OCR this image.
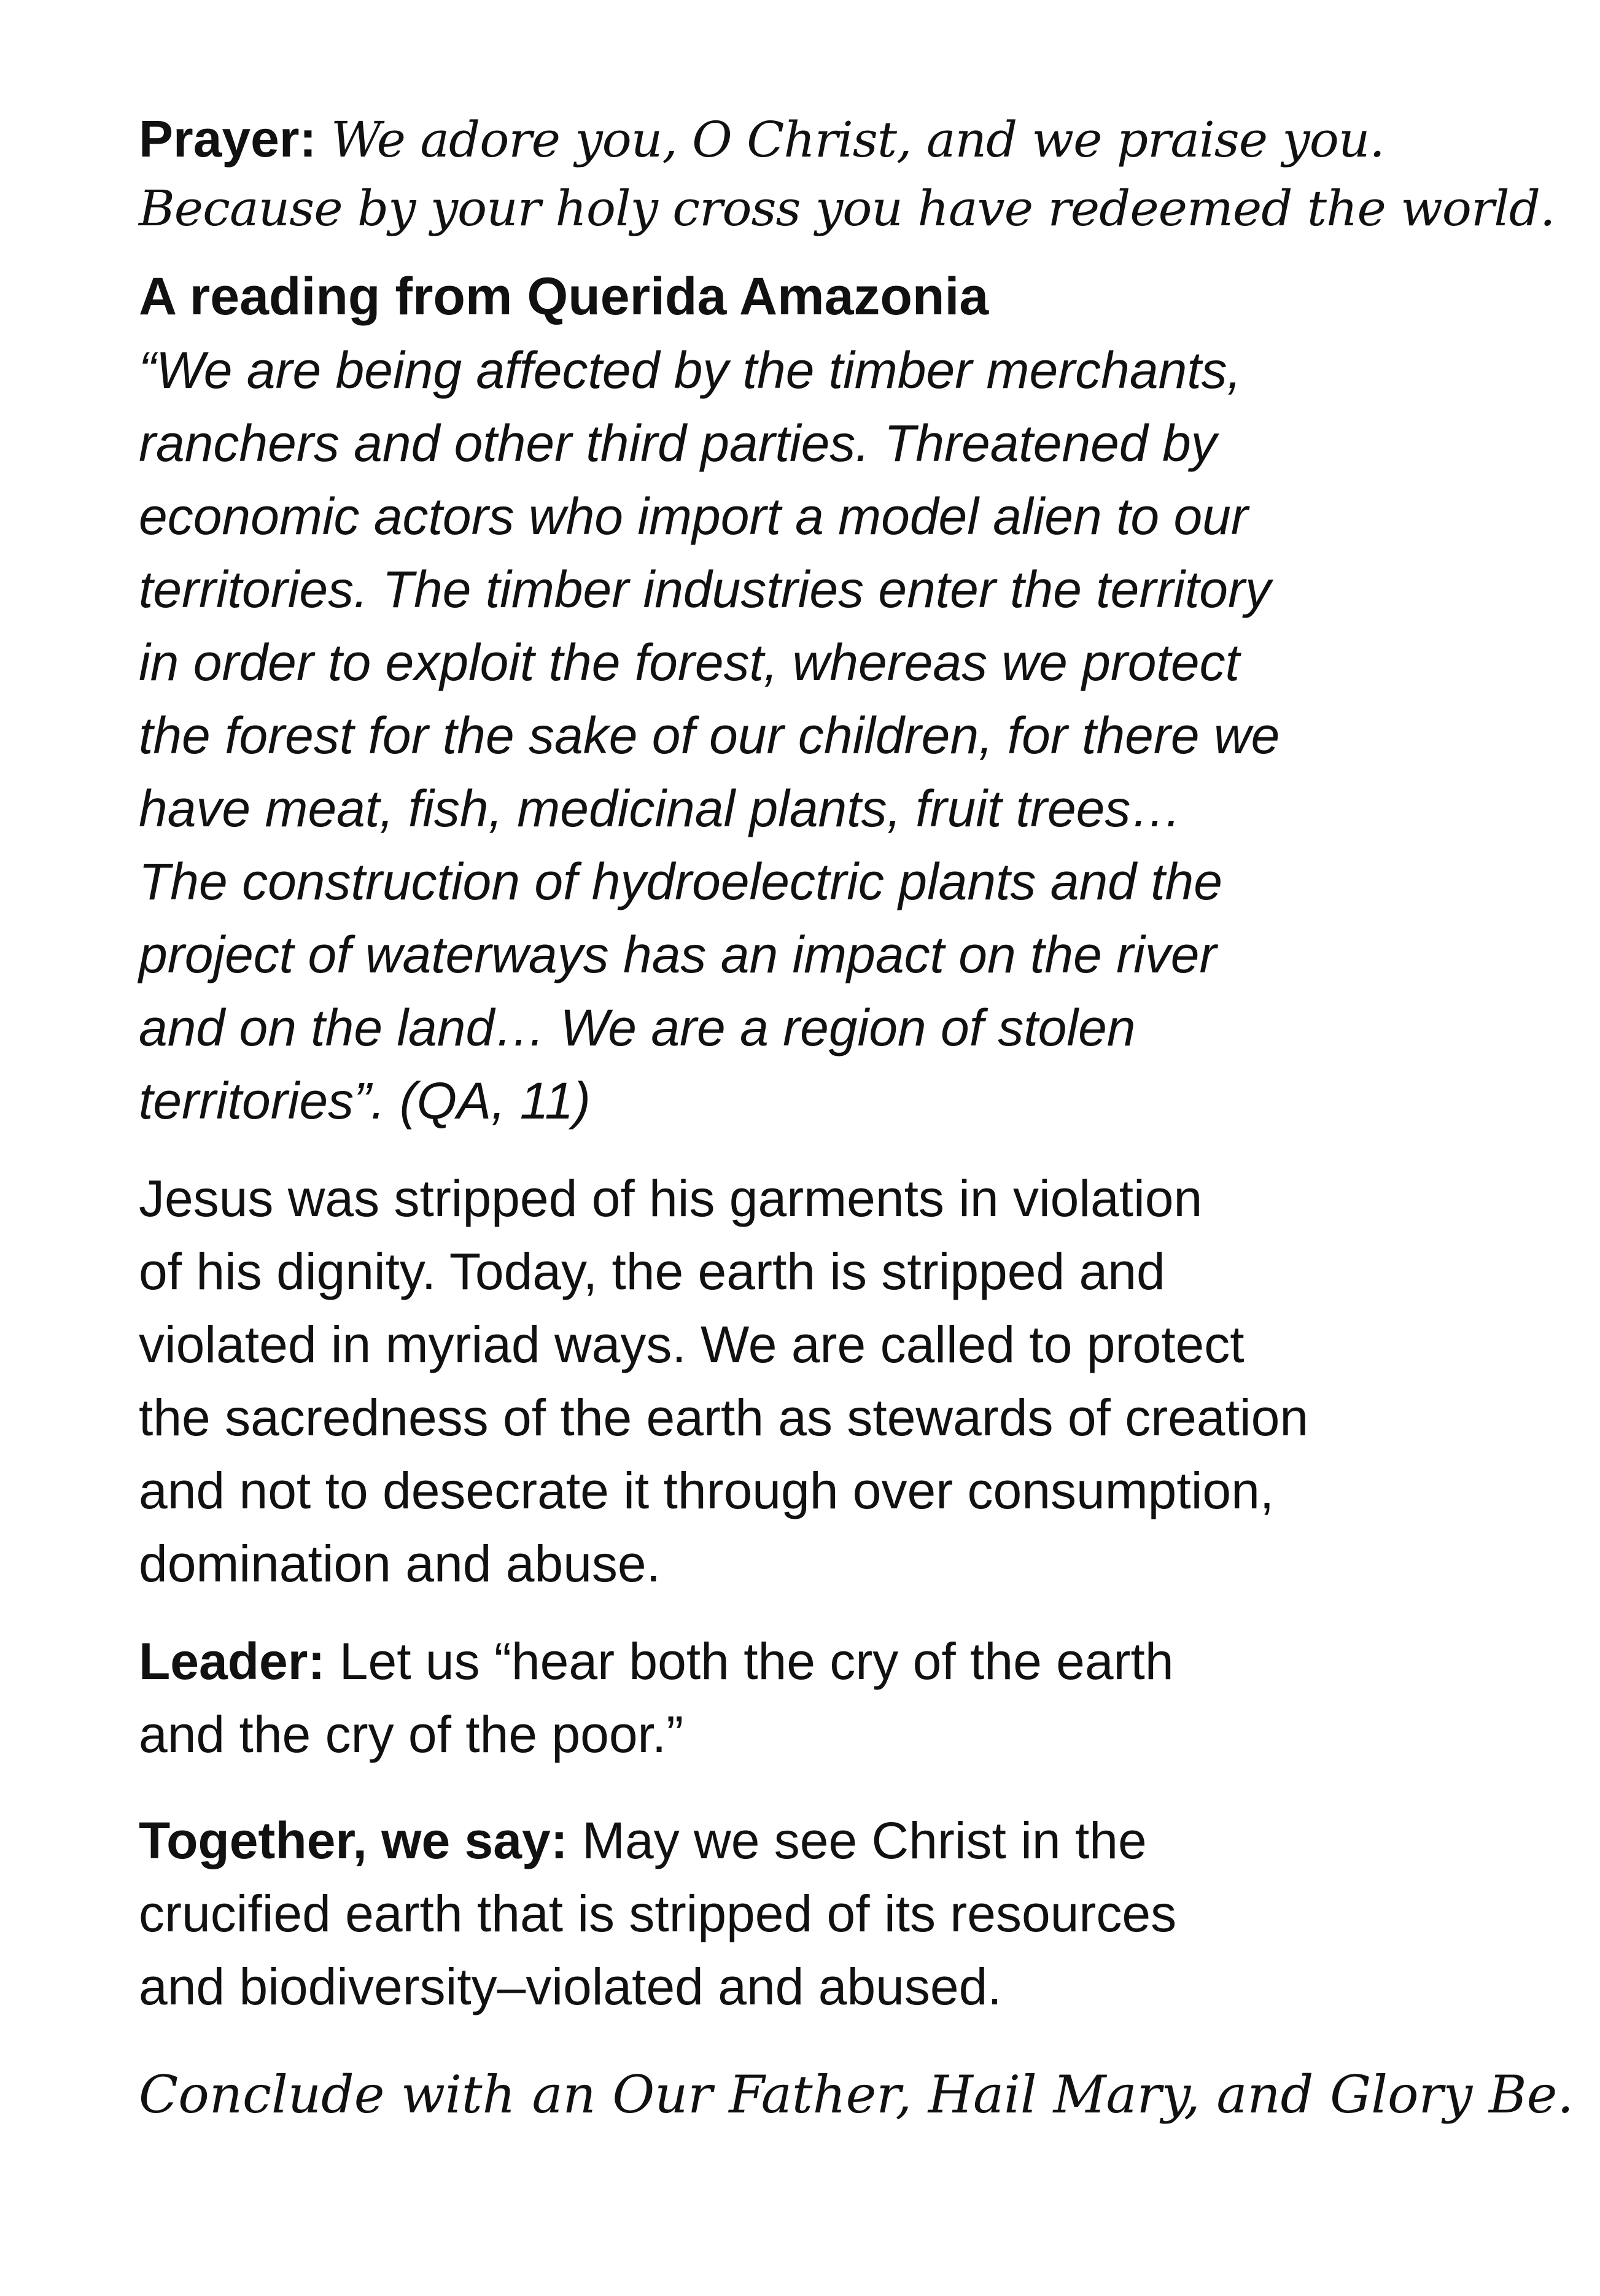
Prayer: We adore you, O Christ, and we praise you.
Because by your holy cross you have redeemed the world.
A reading from Querida Amazonia
“We are being affected by the timber merchants,
ranchers and other third parties. Threatened by
economic actors who import a model alien to our
territories. The timber industries enter the territory
in order to exploit the forest, whereas we protect
the forest for the sake of our children, for there we
have meat, fish, medicinal plants, fruit trees…
The construction of hydroelectric plants and the
project of waterways has an impact on the river
and on the land… We are a region of stolen
territories”. (QA, 11)
Jesus was stripped of his garments in violation
of his dignity. Today, the earth is stripped and
violated in myriad ways. We are called to protect
the sacredness of the earth as stewards of creation
and not to desecrate it through over consumption,
domination and abuse.
Leader: Let us “hear both the cry of the earth
and the cry of the poor.”
Together, we say: May we see Christ in the
crucified earth that is stripped of its resources
and biodiversity–violated and abused.
Conclude with an Our Father, Hail Mary, and Glory Be.
